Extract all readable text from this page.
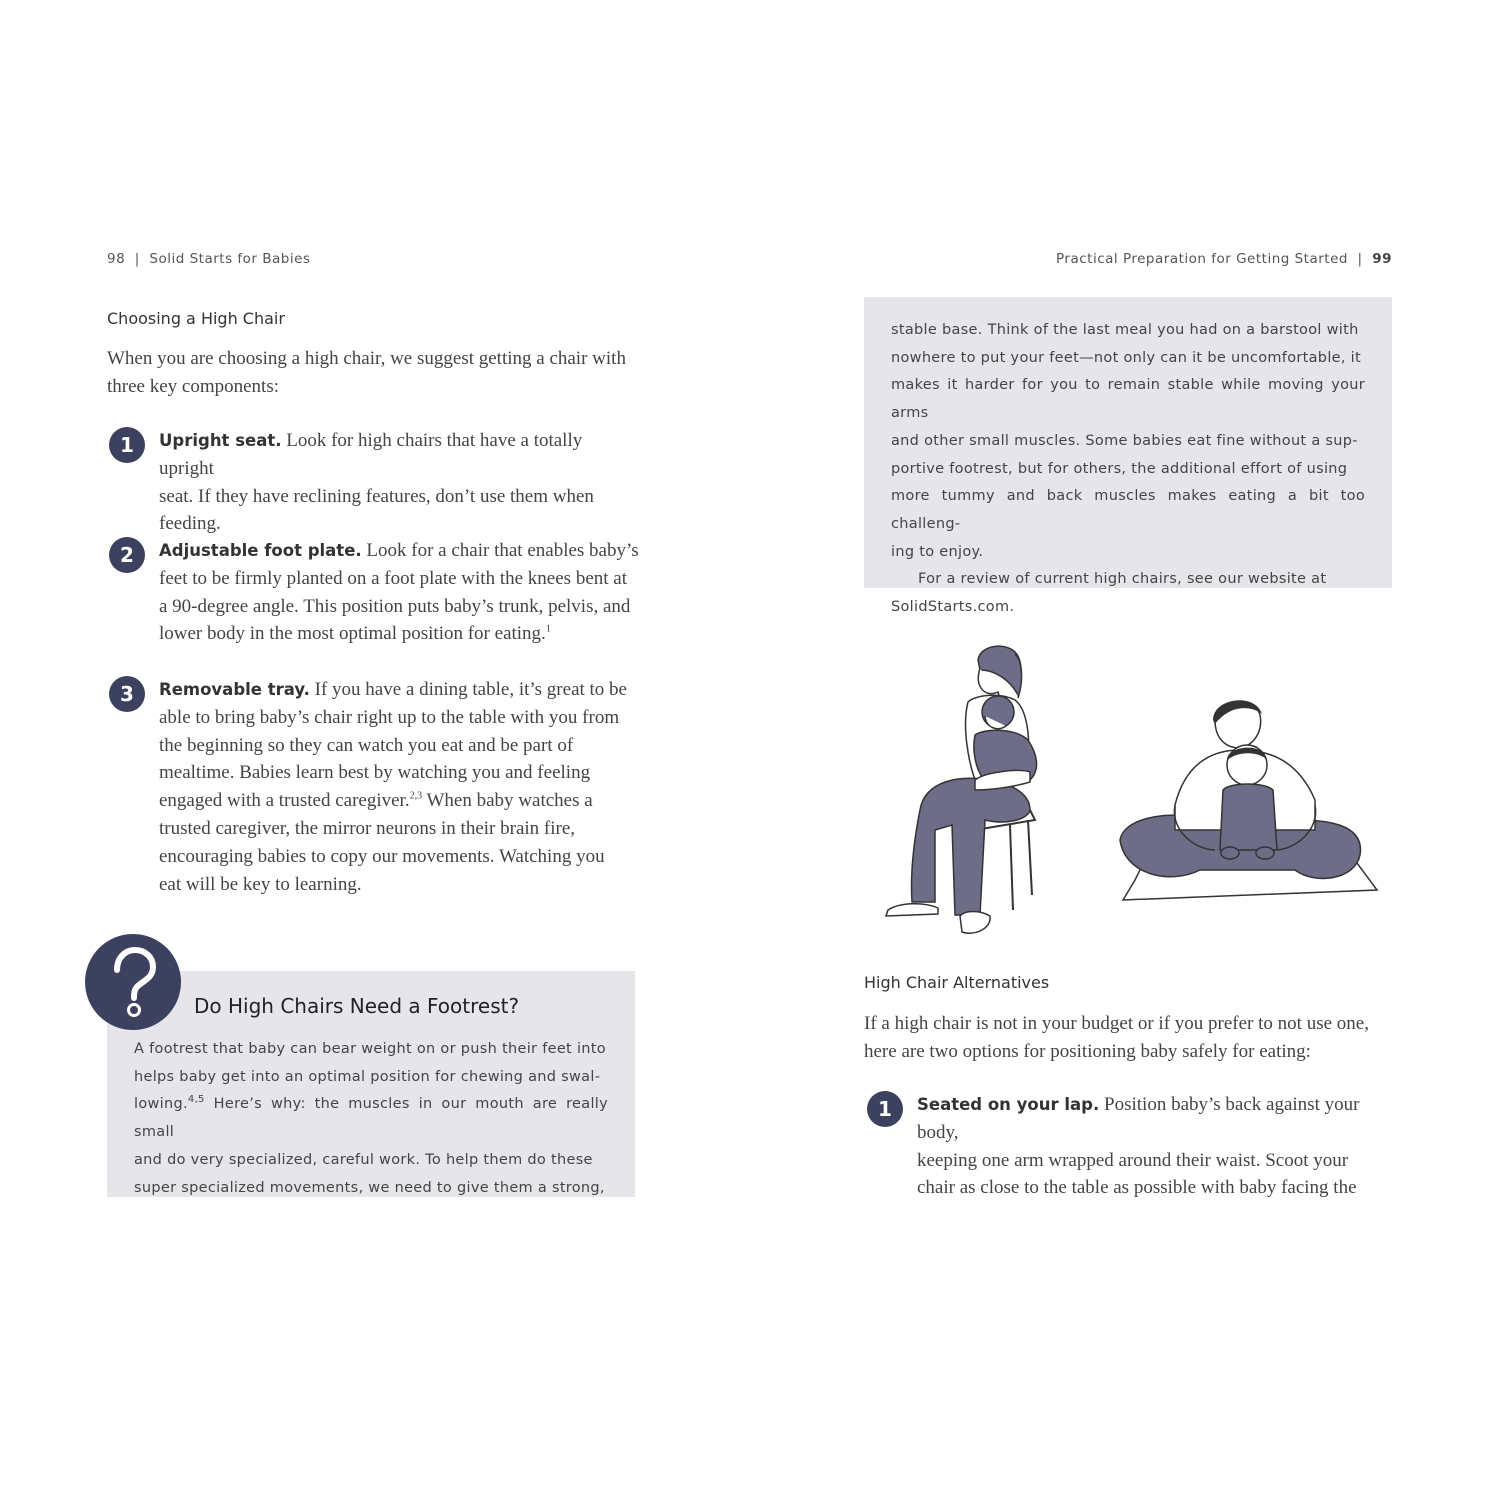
98  |  Solid Starts for Babies
Choosing a High Chair
When you are choosing a high chair, we suggest getting a chair with
three key components:
1	Upright seat. Look for high chairs that have a totally upright
seat. If they have reclining features, don’t use them when
feeding.
2	Adjustable foot plate. Look for a chair that enables baby’s
feet to be firmly planted on a foot plate with the knees bent at
a 90-degree angle. This position puts baby’s trunk, pelvis, and
lower body in the most optimal position for eating.$^1$
3	Removable tray. If you have a dining table, it’s great to be
able to bring baby’s chair right up to the table with you from
the beginning so they can watch you eat and be part of
mealtime. Babies learn best by watching you and feeling
engaged with a trusted caregiver.$^{2,3}$ When baby watches a
trusted caregiver, the mirror neurons in their brain fire,
encouraging babies to copy our movements. Watching you
eat will be key to learning.
A footrest that baby can bear weight on or push their feet into
helps baby get into an optimal position for chewing and swal-
lowing.$^{4,5}$ Here’s why: the muscles in our mouth are really small
and do very specialized, careful work. To help them do these
super specialized movements, we need to give them a strong,
Do High Chairs Need a Footrest?
Practical Preparation for Getting Started  |  99
stable base. Think of the last meal you had on a barstool with
nowhere to put your feet—not only can it be uncomfortable, it
makes it harder for you to remain stable while moving your arms
and other small muscles. Some babies eat fine without a sup-
portive footrest, but for others, the additional effort of using
more tummy and back muscles makes eating a bit too challeng-
ing to enjoy.
For a review of current high chairs, see our website at
SolidStarts.com.
High Chair Alternatives
If a high chair is not in your budget or if you prefer to not use one,
here are two options for positioning baby safely for eating:
1	Seated on your lap. Position baby’s back against your body,
keeping one arm wrapped around their waist. Scoot your
chair as close to the table as possible with baby facing the
